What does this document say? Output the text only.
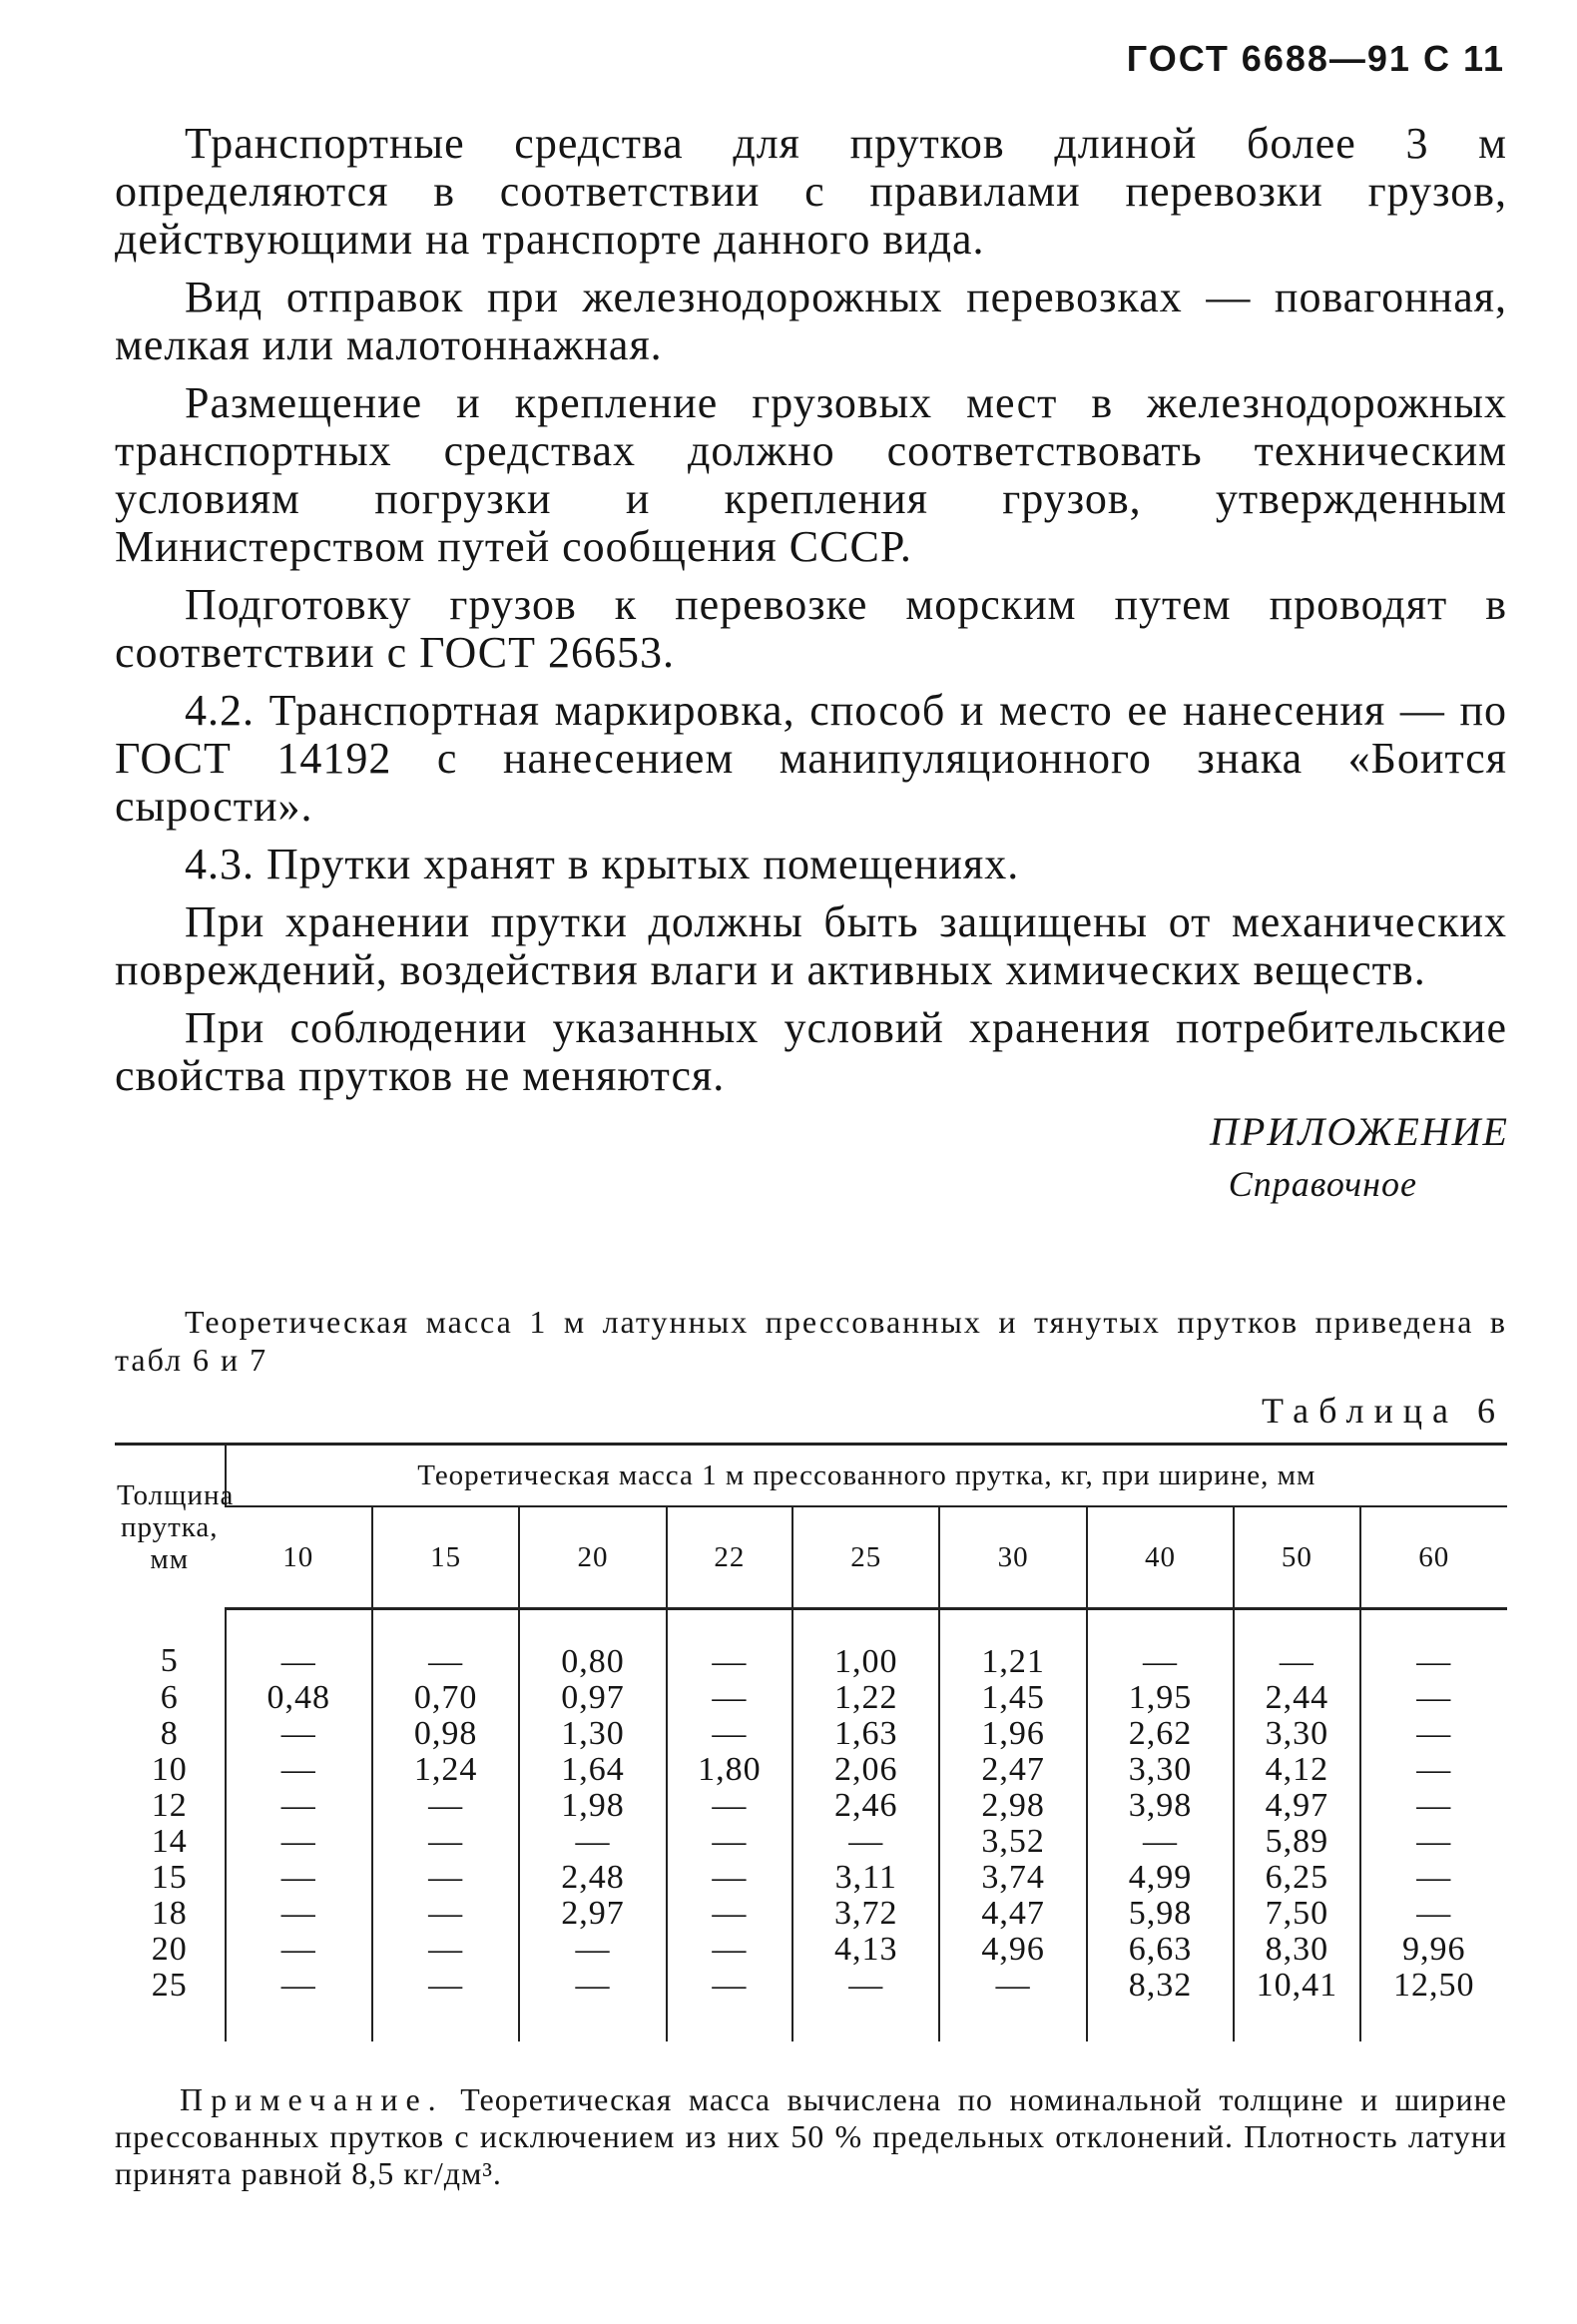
ГОСТ 6688—91 С 11

Транспортные средства для прутков длиной более 3 м определяются в соответствии с правилами перевозки грузов, действующими на транспорте данного вида.

Вид отправок при железнодорожных перевозках — повагонная, мелкая или малотоннажная.

Размещение и крепление грузовых мест в железнодорожных транспортных средствах должно соответствовать техническим условиям погрузки и крепления грузов, утвержденным Министерством путей сообщения СССР.

Подготовку грузов к перевозке морским путем проводят в соответствии с ГОСТ 26653.

4.2. Транспортная маркировка, способ и место ее нанесения — по ГОСТ 14192 с нанесением манипуляционного знака «Боится сырости».

4.3. Прутки хранят в крытых помещениях.

При хранении прутки должны быть защищены от механических повреждений, воздействия влаги и активных химических веществ.

При соблюдении указанных условий хранения потребительские свойства прутков не меняются.

ПРИЛОЖЕНИЕ
Справочное
Теоретическая масса 1 м латунных прессованных и тянутых прутков приведена в табл 6 и 7
Таблица 6
Толщина прутка, мм	Теоретическая масса 1 м прессованного прутка, кг, при ширине, мм								
	10	15	20	22	25	30	40	50	60
5	—	—	0,80	—	1,00	1,21	—	—	—
6	0,48	0,70	0,97	—	1,22	1,45	1,95	2,44	—
8	—	0,98	1,30	—	1,63	1,96	2,62	3,30	—
10	—	1,24	1,64	1,80	2,06	2,47	3,30	4,12	—
12	—	—	1,98	—	2,46	2,98	3,98	4,97	—
14	—	—	—	—	—	3,52	—	5,89	—
15	—	—	2,48	—	3,11	3,74	4,99	6,25	—
18	—	—	2,97	—	3,72	4,47	5,98	7,50	—
20	—	—	—	—	4,13	4,96	6,63	8,30	9,96
25	—	—	—	—	—	—	8,32	10,41	12,50
Примечание. Теоретическая масса вычислена по номинальной толщине и ширине прессованных прутков с исключением из них 50 % предельных отклонений. Плотность латуни принята равной 8,5 кг/дм³.
